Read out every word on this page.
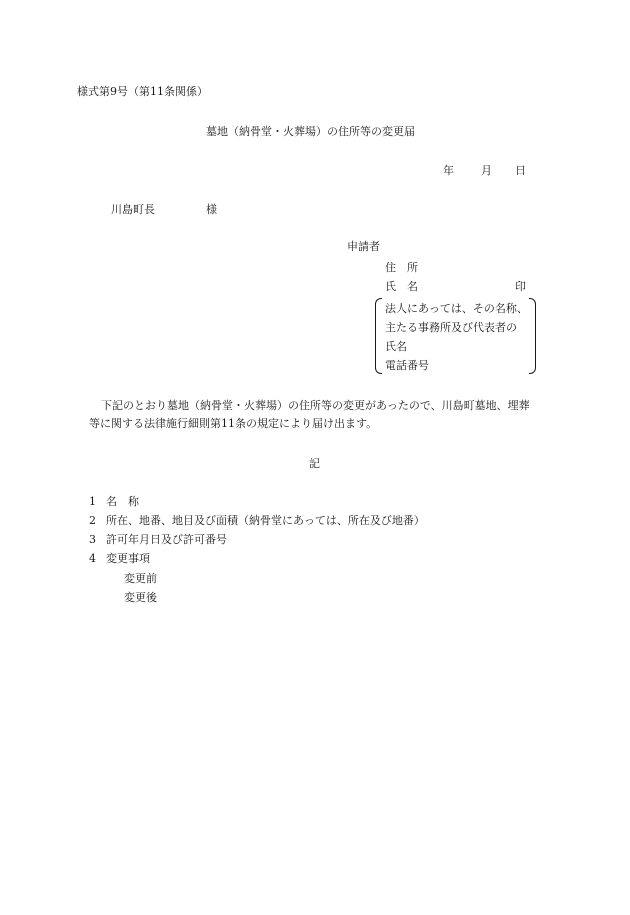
様式第9号（第11条関係）
墓地（納骨堂・火葬場）の住所等の変更届
年 月 日
川島町長	様
申請者
住　所
氏　名	印
法人にあっては、その名称、
主たる事務所及び代表者の
氏名
電話番号
下記のとおり墓地（納骨堂・火葬場）の住所等の変更があったので、川島町墓地、埋葬
等に関する法律施行細則第11条の規定により届け出ます。
記
1 名　称
2 所在、地番、地目及び面積（納骨堂にあっては、所在及び地番）
3 許可年月日及び許可番号
4 変更事項
変更前
変更後
